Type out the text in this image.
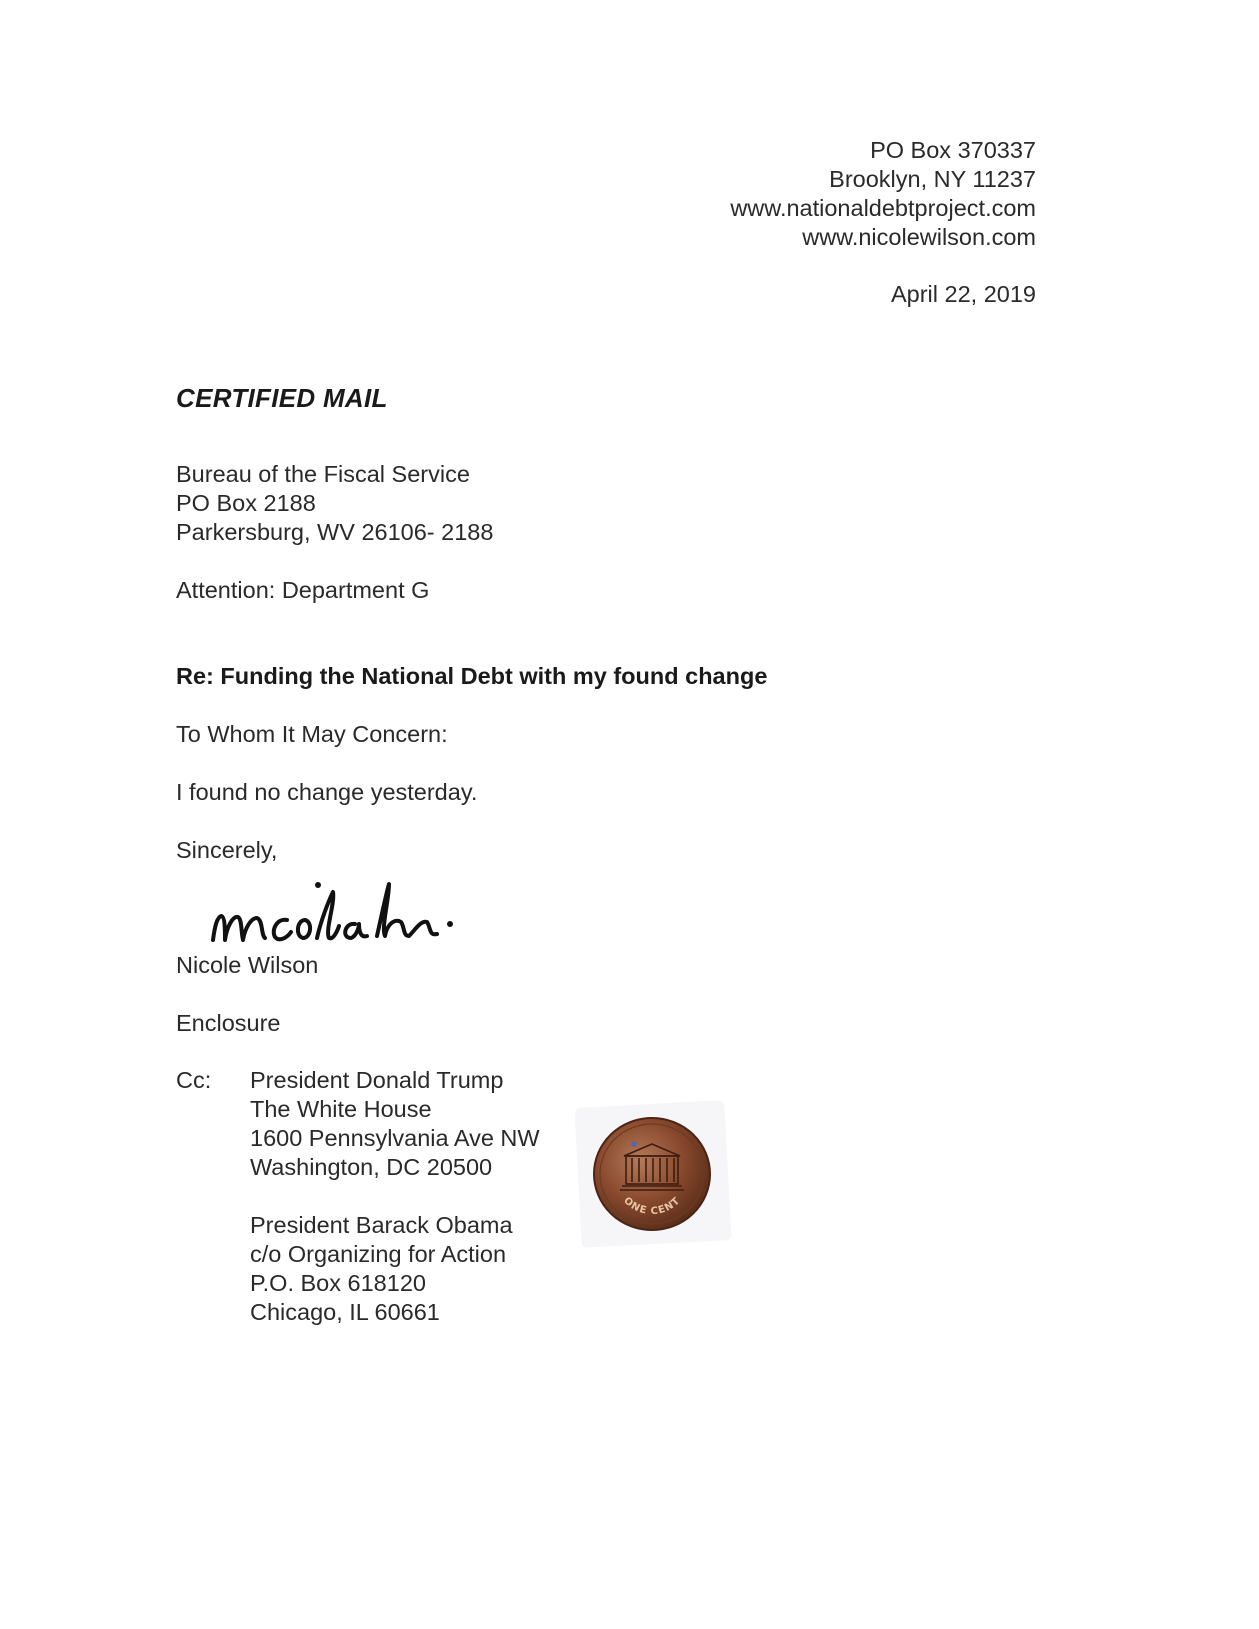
PO Box 370337
Brooklyn, NY 11237
www.nationaldebtproject.com
www.nicolewilson.com
April 22, 2019
CERTIFIED MAIL
Bureau of the Fiscal Service
PO Box 2188
Parkersburg, WV 26106- 2188
Attention: Department G
Re: Funding the National Debt with my found change
To Whom It May Concern:
I found no change yesterday.
Sincerely,
Nicole Wilson
Enclosure
Cc: President Donald Trump
The White House
1600 Pennsylvania Ave NW
Washington, DC 20500
President Barack Obama
c/o Organizing for Action
P.O. Box 618120
Chicago, IL 60661
ONE CENT
